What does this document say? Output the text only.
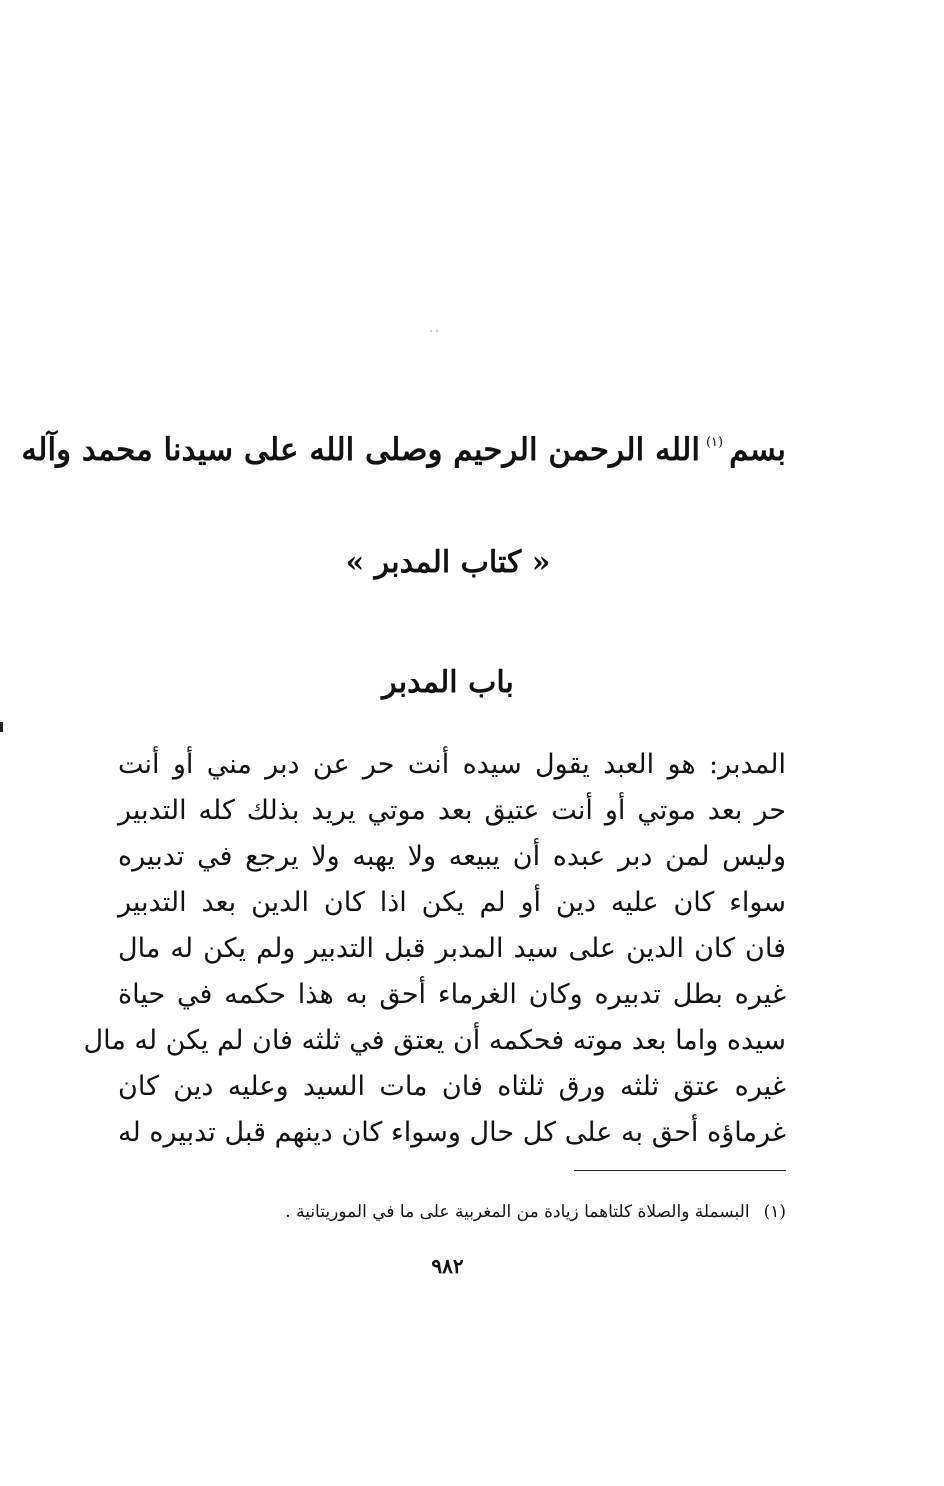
بسم$^{(١)}$الله الرحمن الرحيم وصلى الله على سيدنا محمد وآله
« كتاب المدبر »
باب المدبر
المدبر: هو العبد يقول سيده أنت حر عن دبر مني أو أنت
حر بعد موتي أو أنت عتيق بعد موتي يريد بذلك كله التدبير
وليس لمن دبر عبده أن يبيعه ولا يهبه ولا يرجع في تدبيره
سواء كان عليه دين أو لم يكن اذا كان الدين بعد التدبير
فان كان الدين على سيد المدبر قبل التدبير ولم يكن له مال
غيره بطل تدبيره وكان الغرماء أحق به هذا حكمه في حياة
سيده واما بعد موته فحكمه أن يعتق في ثلثه فان لم يكن له مال
غيره عتق ثلثه ورق ثلثاه فان مات السيد وعليه دين كان
غرماؤه أحق به على كل حال وسواء كان دينهم قبل تدبيره له
(١)البسملة والصلاة كلتاهما زيادة من المغربية على ما في الموريتانية .
٩٨٢
